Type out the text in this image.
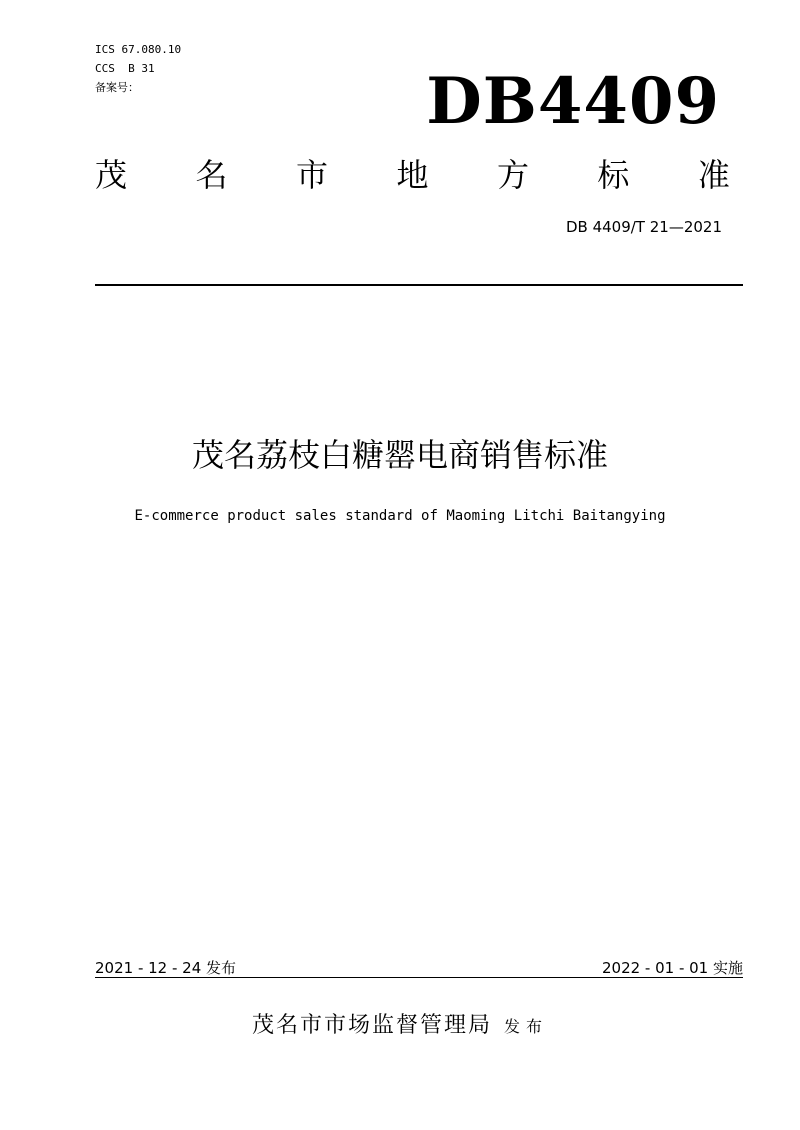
ICS 67.080.10
CCS  B 31
备案号：	DB4409
茂 名 市 地 方 标 准
DB 4409/T 21—2021
茂名荔枝白糖罂电商销售标准
E-commerce product sales standard of Maoming Litchi Baitangying
2021 - 12 - 24 发布	2022 - 01 - 01 实施
茂名市市场监督管理局 发布
